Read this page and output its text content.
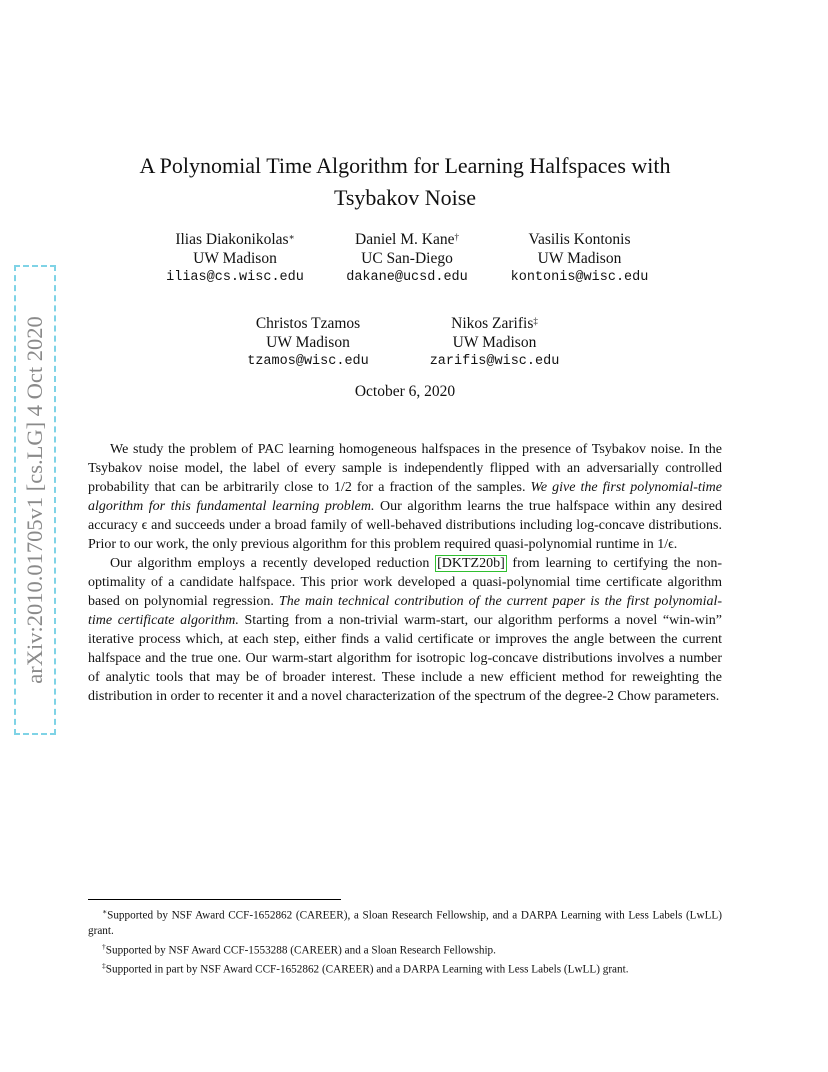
arXiv:2010.01705v1 [cs.LG] 4 Oct 2020
A Polynomial Time Algorithm for Learning Halfspaces with
Tsybakov Noise
Ilias Diakonikolas∗
UW Madison
ilias@cs.wisc.edu
Daniel M. Kane†
UC San-Diego
dakane@ucsd.edu
Vasilis Kontonis
UW Madison
kontonis@wisc.edu
Christos Tzamos
UW Madison
tzamos@wisc.edu
Nikos Zarifis‡
UW Madison
zarifis@wisc.edu
October 6, 2020

We study the problem of PAC learning homogeneous halfspaces in the presence of Tsybakov noise. In the Tsybakov noise model, the label of every sample is independently flipped with an adversarially controlled probability that can be arbitrarily close to 1/2 for a fraction of the samples. We give the first polynomial-time algorithm for this fundamental learning problem. Our algorithm learns the true halfspace within any desired accuracy ϵ and succeeds under a broad family of well-behaved distributions including log-concave distributions. Prior to our work, the only previous algorithm for this problem required quasi-polynomial runtime in 1/ϵ.

Our algorithm employs a recently developed reduction [DKTZ20b] from learning to certifying the non-optimality of a candidate halfspace. This prior work developed a quasi-polynomial time certificate algorithm based on polynomial regression. The main technical contribution of the current paper is the first polynomial-time certificate algorithm. Starting from a non-trivial warm-start, our algorithm performs a novel “win-win” iterative process which, at each step, either finds a valid certificate or improves the angle between the current halfspace and the true one. Our warm-start algorithm for isotropic log-concave distributions involves a number of analytic tools that may be of broader interest. These include a new efficient method for reweighting the distribution in order to recenter it and a novel characterization of the spectrum of the degree-2 Chow parameters.

∗Supported by NSF Award CCF-1652862 (CAREER), a Sloan Research Fellowship, and a DARPA Learning with Less Labels (LwLL) grant.

†Supported by NSF Award CCF-1553288 (CAREER) and a Sloan Research Fellowship.

‡Supported in part by NSF Award CCF-1652862 (CAREER) and a DARPA Learning with Less Labels (LwLL) grant.
